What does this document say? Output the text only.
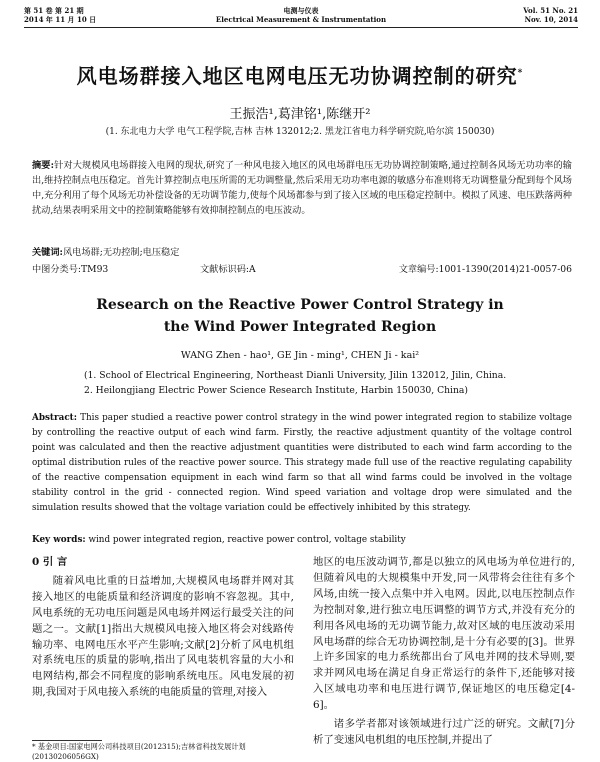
第 51 卷 第 21 期
2014 年 11 月 10 日
电测与仪表
Electrical Measurement & Instrumentation
Vol. 51 No. 21
Nov. 10, 2014
风电场群接入地区电网电压无功协调控制的研究*
王振浩¹,葛津铭¹,陈继开²
(1. 东北电力大学 电气工程学院,吉林 吉林 132012;2. 黑龙江省电力科学研究院,哈尔滨 150030)
摘要:针对大规模风电场群接入电网的现状,研究了一种风电接入地区的风电场群电压无功协调控制策略,通过控制各风场无功功率的输出,维持控制点电压稳定。首先计算控制点电压所需的无功调整量,然后采用无功功率电源的敏感分布准则将无功调整量分配到每个风场中,充分利用了每个风场无功补偿设备的无功调节能力,使每个风场都参与到了接入区域的电压稳定控制中。模拟了风速、电压跌落两种扰动,结果表明采用文中的控制策略能够有效抑制控制点的电压波动。
关键词:风电场群;无功控制;电压稳定
中图分类号:TM93	文献标识码:A	文章编号:1001-1390(2014)21-0057-06
Research on the Reactive Power Control Strategy in
the Wind Power Integrated Region
WANG Zhen - hao¹, GE Jin - ming¹, CHEN Ji - kai²
(1. School of Electrical Engineering, Northeast Dianli University, Jilin 132012, Jilin, China.
2. Heilongjiang Electric Power Science Research Institute, Harbin 150030, China)
Abstract: This paper studied a reactive power control strategy in the wind power integrated region to stabilize voltage by controlling the reactive output of each wind farm. Firstly, the reactive adjustment quantity of the voltage control point was calculated and then the reactive adjustment quantities were distributed to each wind farm according to the optimal distribution rules of the reactive power source. This strategy made full use of the reactive regulating capability of the reactive compensation equipment in each wind farm so that all wind farms could be involved in the voltage stability control in the grid - connected region. Wind speed variation and voltage drop were simulated and the simulation results showed that the voltage variation could be effectively inhibited by this strategy.
Key words: wind power integrated region, reactive power control, voltage stability
0 引 言
随着风电比重的日益增加,大规模风电场群并网对其接入地区的电能质量和经济调度的影响不容忽视。其中,风电系统的无功电压问题是风电场并网运行最受关注的问题之一。文献[1]指出大规模风电接入地区将会对线路传输功率、电网电压水平产生影响;文献[2]分析了风电机组对系统电压的质量的影响,指出了风电装机容量的大小和电网结构,都会不同程度的影响系统电压。风电发展的初期,我国对于风电接入系统的电能质量的管理,对接入
地区的电压波动调节,都是以独立的风电场为单位进行的,但随着风电的大规模集中开发,同一风带将会往往有多个风场,由统一接入点集中并入电网。因此,以电压控制点作为控制对象,进行独立电压调整的调节方式,并没有充分的利用各风电场的无功调节能力,故对区域的电压波动采用风电场群的综合无功协调控制,是十分有必要的[3]。世界上许多国家的电力系统都出台了风电并网的技术导则,要求并网风电场在满足自身正常运行的条件下,还能够对接入区域电功率和电压进行调节,保证地区的电压稳定[4-6]。
诸多学者都对该领域进行过广泛的研究。文献[7]分析了变速风电机组的电压控制,并提出了
* 基金项目:国家电网公司科技项目(2012315);吉林省科技发展计划(20130206056GX)
